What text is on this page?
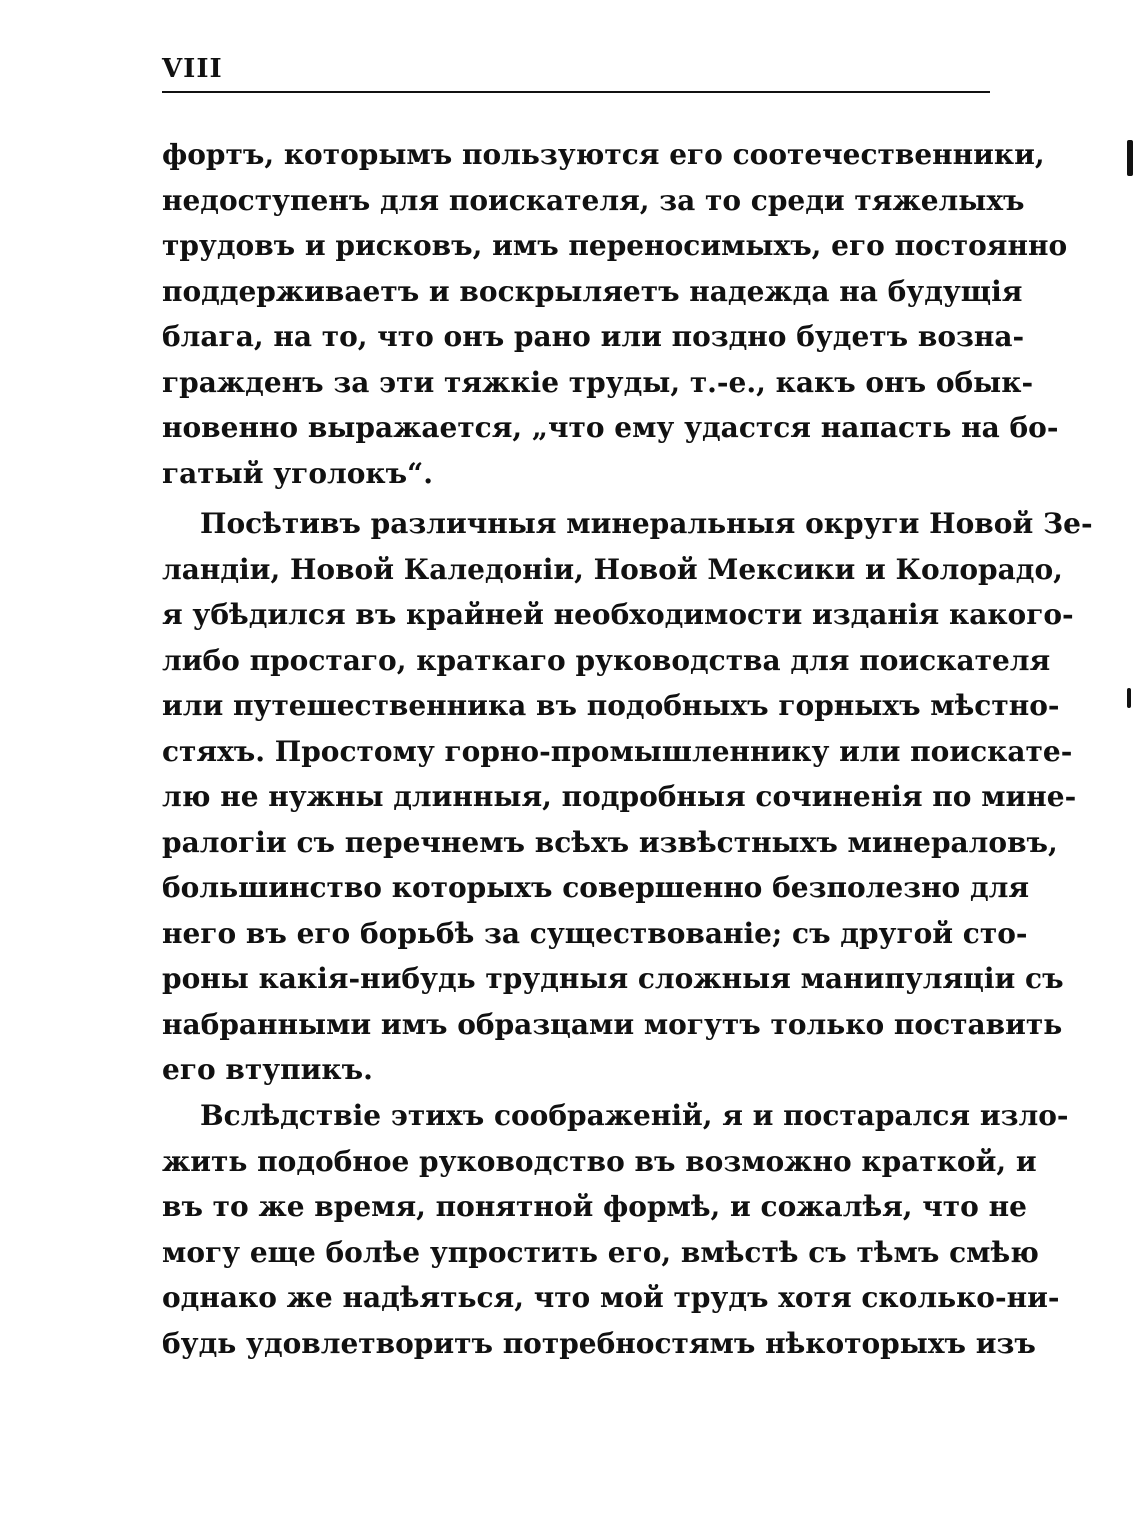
VIII
фортъ, которымъ пользуются его соотечественники,
недоступенъ для поискателя, за то среди тяжелыхъ
трудовъ и рисковъ, имъ переносимыхъ, его постоянно
поддерживаетъ и воскрыляетъ надежда на будущія
блага, на то, что онъ рано или поздно будетъ возна-
гражденъ за эти тяжкіе труды, т.-е., какъ онъ обык-
новенно выражается, „что ему удастся напасть на бо-
гатый уголокъ“.
Посѣтивъ различныя минеральныя округи Новой Зе-
ландіи, Новой Каледоніи, Новой Мексики и Колорадо,
я убѣдился въ крайней необходимости изданія какого-
либо простаго, краткаго руководства для поискателя
или путешественника въ подобныхъ горныхъ мѣстно-
стяхъ. Простому горно-промышленнику или поискате-
лю не нужны длинныя, подробныя сочиненія по мине-
ралогіи съ перечнемъ всѣхъ извѣстныхъ минераловъ,
большинство которыхъ совершенно безполезно для
него въ его борьбѣ за существованіе; съ другой сто-
роны какія-нибудь трудныя сложныя манипуляціи съ
набранными имъ образцами могутъ только поставить
его втупикъ.
Вслѣдствіе этихъ соображеній, я и постарался изло-
жить подобное руководство въ возможно краткой, и
въ то же время, понятной формѣ, и сожалѣя, что не
могу еще болѣе упростить его, вмѣстѣ съ тѣмъ смѣю
однако же надѣяться, что мой трудъ хотя сколько-ни-
будь удовлетворитъ потребностямъ нѣкоторыхъ изъ
